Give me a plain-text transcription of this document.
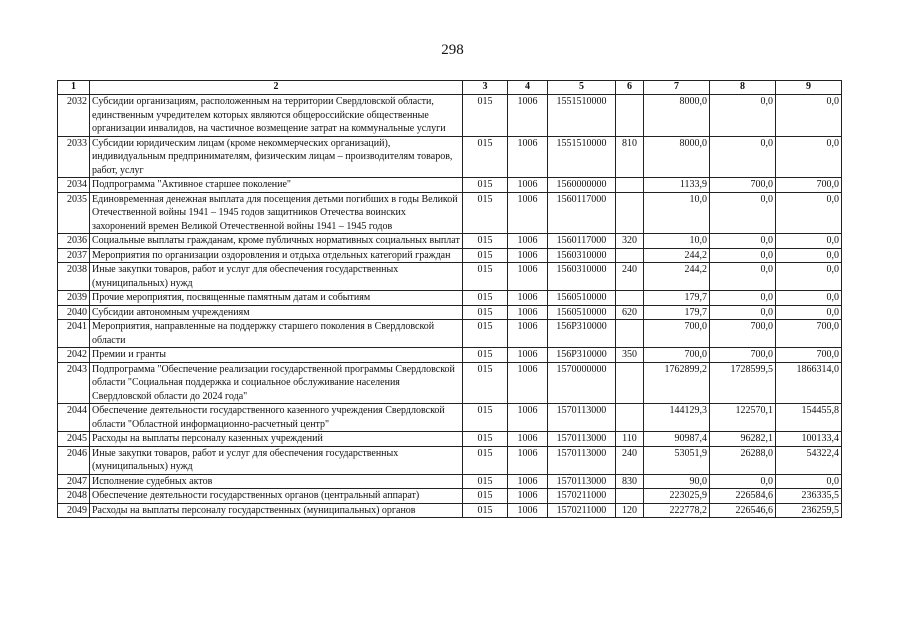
298
1	2	3	4	5	6	7	8	9
2032	Субсидии организациям, расположенным на территории Свердловской области, единственным учредителем которых являются общероссийские общественные организации инвалидов, на частичное возмещение затрат на коммунальные услуги	015	1006	1551510000		8000,0	0,0	0,0
2033	Субсидии юридическим лицам (кроме некоммерческих организаций), индивидуальным предпринимателям, физическим лицам – производителям товаров, работ, услуг	015	1006	1551510000	810	8000,0	0,0	0,0
2034	Подпрограмма "Активное старшее поколение"	015	1006	1560000000		1133,9	700,0	700,0
2035	Единовременная денежная выплата для посещения детьми погибших в годы Великой Отечественной войны 1941 – 1945 годов защитников Отечества воинских захоронений времен Великой Отечественной войны 1941 – 1945 годов	015	1006	1560117000		10,0	0,0	0,0
2036	Социальные выплаты гражданам, кроме публичных нормативных социальных выплат	015	1006	1560117000	320	10,0	0,0	0,0
2037	Мероприятия по организации оздоровления и отдыха отдельных категорий граждан	015	1006	1560310000		244,2	0,0	0,0
2038	Иные закупки товаров, работ и услуг для обеспечения государственных (муниципальных) нужд	015	1006	1560310000	240	244,2	0,0	0,0
2039	Прочие мероприятия, посвященные памятным датам и событиям	015	1006	1560510000		179,7	0,0	0,0
2040	Субсидии автономным учреждениям	015	1006	1560510000	620	179,7	0,0	0,0
2041	Мероприятия, направленные на поддержку старшего поколения в Свердловской области	015	1006	156P310000		700,0	700,0	700,0
2042	Премии и гранты	015	1006	156P310000	350	700,0	700,0	700,0
2043	Подпрограмма "Обеспечение реализации государственной программы Свердловской области "Социальная поддержка и социальное обслуживание населения Свердловской области до 2024 года"	015	1006	1570000000		1762899,2	1728599,5	1866314,0
2044	Обеспечение деятельности государственного казенного учреждения Свердловской области "Областной информационно-расчетный центр"	015	1006	1570113000		144129,3	122570,1	154455,8
2045	Расходы на выплаты персоналу казенных учреждений	015	1006	1570113000	110	90987,4	96282,1	100133,4
2046	Иные закупки товаров, работ и услуг для обеспечения государственных (муниципальных) нужд	015	1006	1570113000	240	53051,9	26288,0	54322,4
2047	Исполнение судебных актов	015	1006	1570113000	830	90,0	0,0	0,0
2048	Обеспечение деятельности государственных органов (центральный аппарат)	015	1006	1570211000		223025,9	226584,6	236335,5
2049	Расходы на выплаты персоналу государственных (муниципальных) органов	015	1006	1570211000	120	222778,2	226546,6	236259,5
